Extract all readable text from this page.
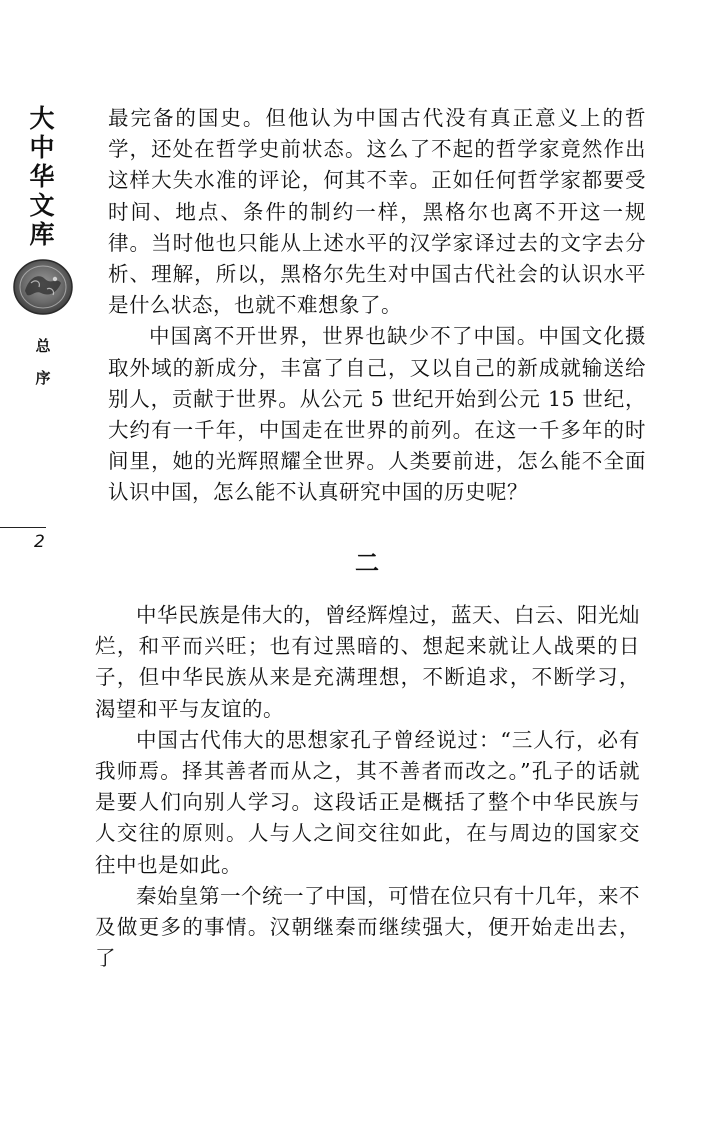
大
中
华
文
库
总
序
2

最完备的国史。但他认为中国古代没有真正意义上的哲学，还处在哲学史前状态。这么了不起的哲学家竟然作出这样大失水准的评论，何其不幸。正如任何哲学家都要受时间、地点、条件的制约一样，黑格尔也离不开这一规律。当时他也只能从上述水平的汉学家译过去的文字去分析、理解，所以，黑格尔先生对中国古代社会的认识水平是什么状态，也就不难想象了。

中国离不开世界，世界也缺少不了中国。中国文化摄取外域的新成分，丰富了自己，又以自己的新成就输送给别人，贡献于世界。从公元 5 世纪开始到公元 15 世纪，大约有一千年，中国走在世界的前列。在这一千多年的时间里，她的光辉照耀全世界。人类要前进，怎么能不全面认识中国，怎么能不认真研究中国的历史呢？

二

中华民族是伟大的，曾经辉煌过，蓝天、白云、阳光灿烂，和平而兴旺；也有过黑暗的、想起来就让人战栗的日子，但中华民族从来是充满理想，不断追求，不断学习，渴望和平与友谊的。

中国古代伟大的思想家孔子曾经说过：“三人行，必有我师焉。择其善者而从之，其不善者而改之。”孔子的话就是要人们向别人学习。这段话正是概括了整个中华民族与人交往的原则。人与人之间交往如此，在与周边的国家交往中也是如此。

秦始皇第一个统一了中国，可惜在位只有十几年，来不及做更多的事情。汉朝继秦而继续强大，便开始走出去，了
